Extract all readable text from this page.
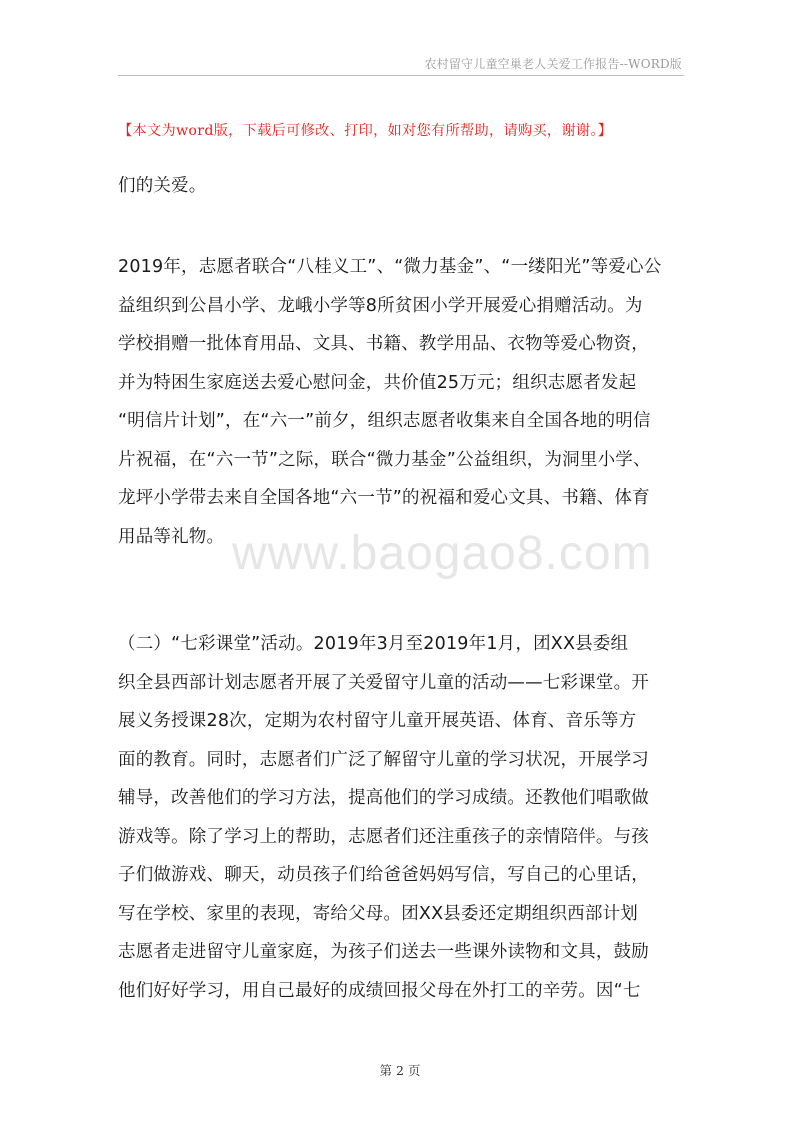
农村留守儿童空巢老人关爱工作报告--WORD版
【本文为word版，下载后可修改、打印，如对您有所帮助，请购买，谢谢。】
www.baogao8.com
们的关爱。
2019年，志愿者联合“八桂义工”、“微力基金”、“一缕阳光”等爱心公
益组织到公昌小学、龙峨小学等8所贫困小学开展爱心捐赠活动。为
学校捐赠一批体育用品、文具、书籍、教学用品、衣物等爱心物资，
并为特困生家庭送去爱心慰问金，共价值25万元；组织志愿者发起
“明信片计划”，在“六一”前夕，组织志愿者收集来自全国各地的明信
片祝福，在“六一节”之际，联合“微力基金”公益组织，为洞里小学、
龙坪小学带去来自全国各地“六一节”的祝福和爱心文具、书籍、体育
用品等礼物。
（二）“七彩课堂”活动。2019年3月至2019年1月，团XX县委组
织全县西部计划志愿者开展了关爱留守儿童的活动——七彩课堂。开
展义务授课28次，定期为农村留守儿童开展英语、体育、音乐等方
面的教育。同时，志愿者们广泛了解留守儿童的学习状况，开展学习
辅导，改善他们的学习方法，提高他们的学习成绩。还教他们唱歌做
游戏等。除了学习上的帮助，志愿者们还注重孩子的亲情陪伴。与孩
子们做游戏、聊天，动员孩子们给爸爸妈妈写信，写自己的心里话，
写在学校、家里的表现，寄给父母。团XX县委还定期组织西部计划
志愿者走进留守儿童家庭，为孩子们送去一些课外读物和文具，鼓励
他们好好学习，用自己最好的成绩回报父母在外打工的辛劳。因“七
第 2 页
